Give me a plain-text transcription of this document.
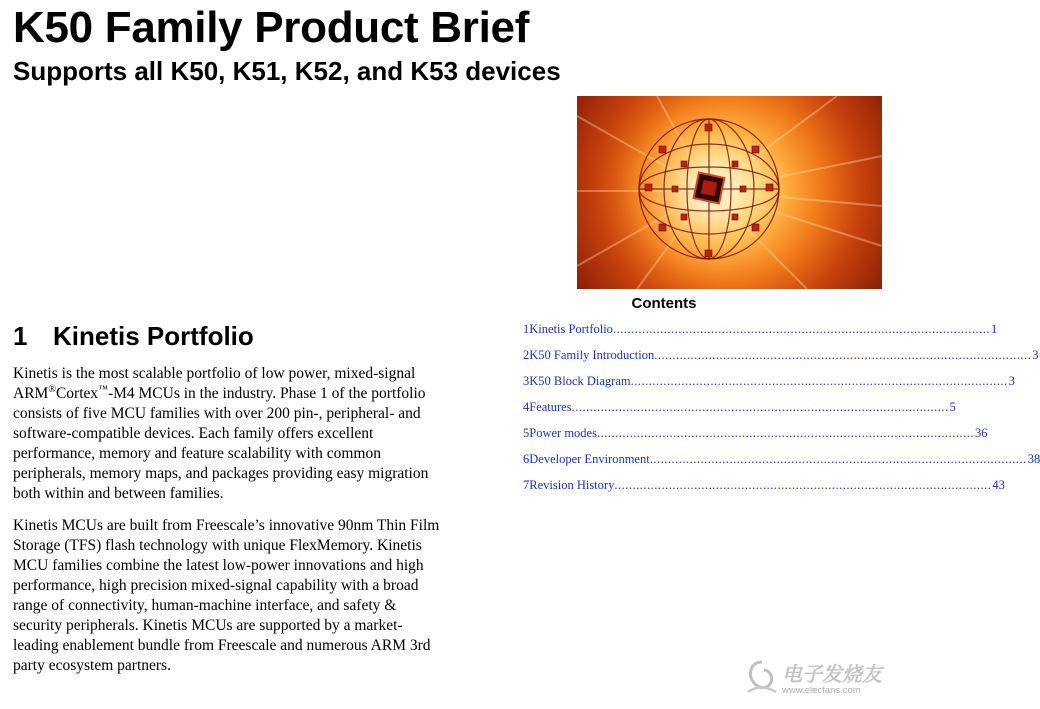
K50 Family Product Brief
Supports all K50, K51, K52, and K53 devices
1 Kinetis Portfolio

Kinetis is the most scalable portfolio of low power, mixed-signal ARM®Cortex™-M4 MCUs in the industry. Phase 1 of the portfolio consists of five MCU families with over 200 pin-, peripheral- and software-compatible devices. Each family offers excellent performance, memory and feature scalability with common peripherals, memory maps, and packages providing easy migration both within and between families.

Kinetis MCUs are built from Freescale’s innovative 90nm Thin Film Storage (TFS) flash technology with unique FlexMemory. Kinetis MCU families combine the latest low-power innovations and high performance, high precision mixed-signal capability with a broad range of connectivity, human-machine interface, and safety & security peripherals. Kinetis MCUs are supported by a market-leading enablement bundle from Freescale and numerous ARM 3rd party ecosystem partners.

Contents
1 Kinetis Portfolio ........................................................................................................ 1
2 K50 Family Introduction ........................................................................................................ 3
3 K50 Block Diagram ........................................................................................................ 3
4 Features ........................................................................................................ 5
5 Power modes ........................................................................................................ 36
6 Developer Environment ........................................................................................................ 38
7 Revision History ........................................................................................................ 43
电子发烧友
www.elecfans.com
